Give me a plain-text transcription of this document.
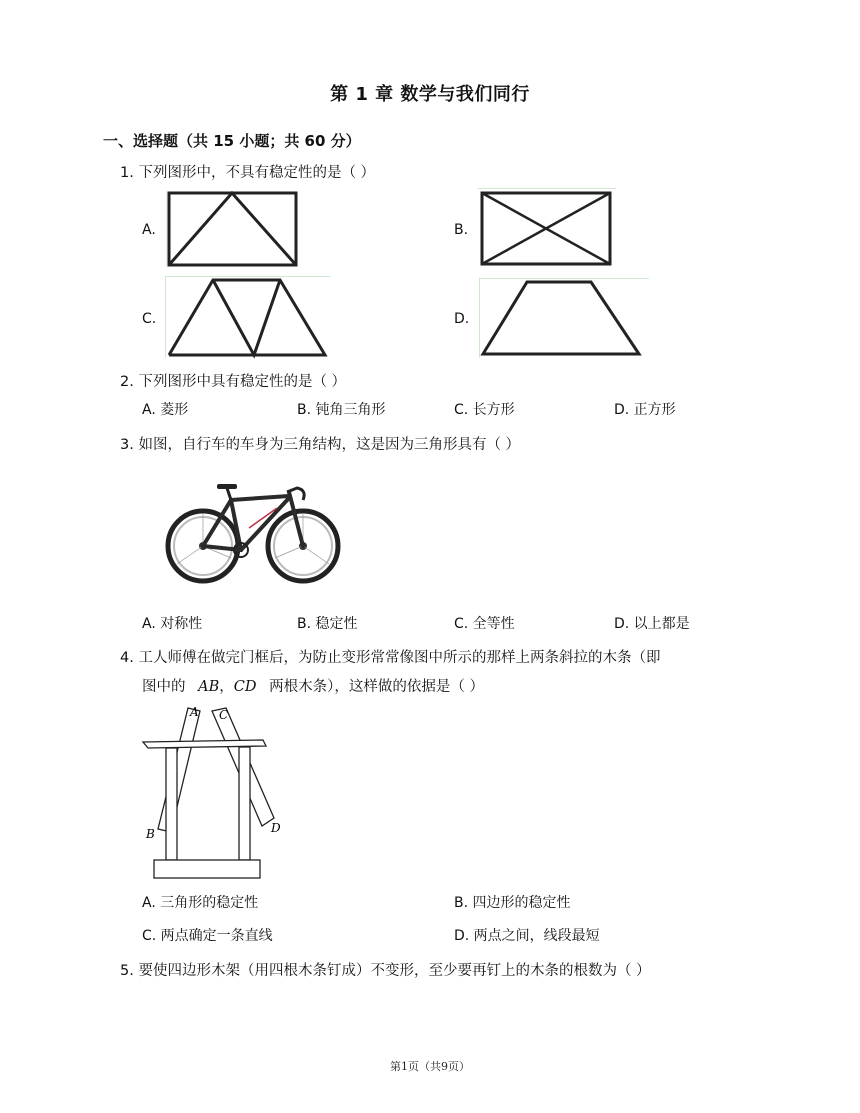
第 1 章 数学与我们同行
一、选择题（共 15 小题；共 60 分）
1. 下列图形中，不具有稳定性的是（ ）
A.	B.
C.	D.
2. 下列图形中具有稳定性的是（ ）
A. 菱形	B. 钝角三角形	C. 长方形	D. 正方形
3. 如图，自行车的车身为三角结构，这是因为三角形具有（ ）
A. 对称性	B. 稳定性	C. 全等性	D. 以上都是
4. 工人师傅在做完门框后，为防止变形常常像图中所示的那样上两条斜拉的木条（即
图中的 AB，CD 两根木条），这样做的依据是（ ）
A C
B	D
A. 三角形的稳定性	B. 四边形的稳定性
C. 两点确定一条直线	D. 两点之间，线段最短
5. 要使四边形木架（用四根木条钉成）不变形，至少要再钉上的木条的根数为（ ）
第1页（共9页）
